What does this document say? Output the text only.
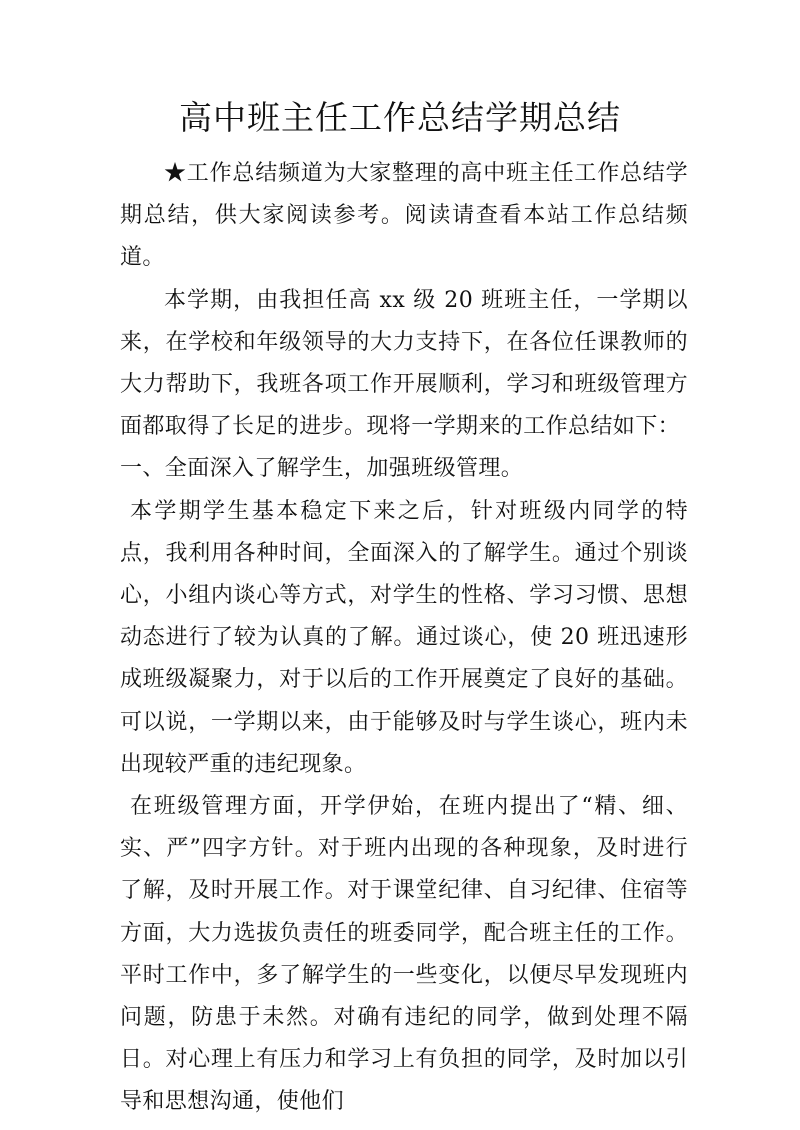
高中班主任工作总结学期总结

★工作总结频道为大家整理的高中班主任工作总结学期总结，供大家阅读参考。阅读请查看本站工作总结频道。

本学期，由我担任高 xx 级 20 班班主任，一学期以来，在学校和年级领导的大力支持下，在各位任课教师的大力帮助下，我班各项工作开展顺利，学习和班级管理方面都取得了长足的进步。现将一学期来的工作总结如下：

一、全面深入了解学生，加强班级管理。

本学期学生基本稳定下来之后，针对班级内同学的特点，我利用各种时间，全面深入的了解学生。通过个别谈心，小组内谈心等方式，对学生的性格、学习习惯、思想动态进行了较为认真的了解。通过谈心，使 20 班迅速形成班级凝聚力，对于以后的工作开展奠定了良好的基础。可以说，一学期以来，由于能够及时与学生谈心，班内未出现较严重的违纪现象。

在班级管理方面，开学伊始，在班内提出了“精、细、实、严”四字方针。对于班内出现的各种现象，及时进行了解，及时开展工作。对于课堂纪律、自习纪律、住宿等方面，大力选拔负责任的班委同学，配合班主任的工作。平时工作中，多了解学生的一些变化，以便尽早发现班内问题，防患于未然。对确有违纪的同学，做到处理不隔日。对心理上有压力和学习上有负担的同学，及时加以引导和思想沟通，使他们
